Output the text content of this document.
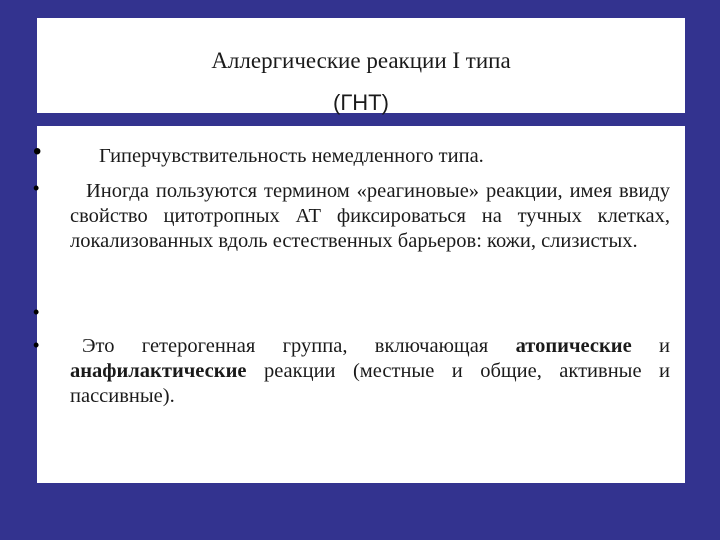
Аллергические реакции I типа
(ГНТ)
•	Гиперчувствительность немедленного типа.
•	Иногда пользуются термином «реагиновые» реакции, имея ввиду свойство цитотропных АТ фиксироваться на тучных клетках, локализованных вдоль естественных барьеров: кожи, слизистых.
•
•	Это гетерогенная группа, включающая атопические и анафилактические реакции (местные и общие, активные и пассивные).
